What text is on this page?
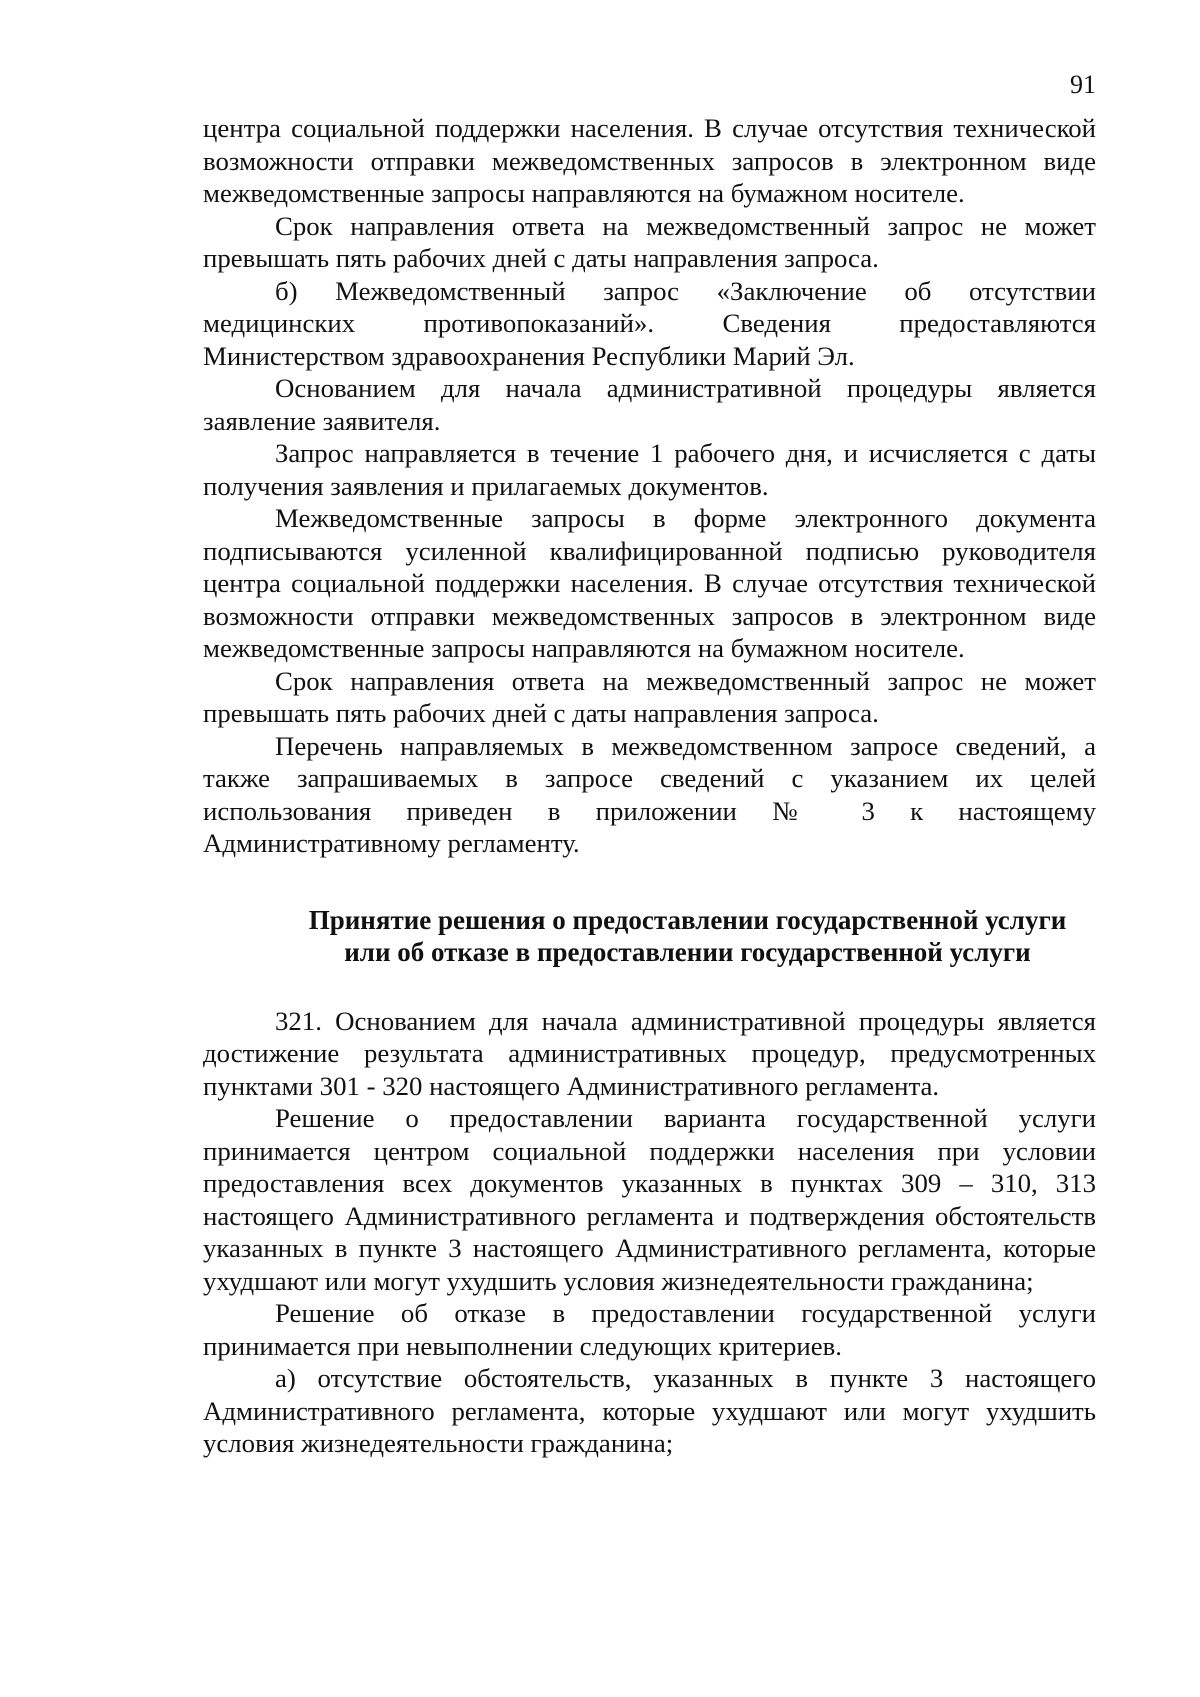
91

центра социальной поддержки населения. В случае отсутствия технической возможности отправки межведомственных запросов в электронном виде межведомственные запросы направляются на бумажном носителе.

Срок направления ответа на межведомственный запрос не может превышать пять рабочих дней с даты направления запроса.

б) Межведомственный запрос «Заключение об отсутствии медицинских противопоказаний». Сведения предоставляются Министерством здравоохранения Республики Марий Эл.

Основанием для начала административной процедуры является заявление заявителя.

Запрос направляется в течение 1 рабочего дня, и исчисляется с даты получения заявления и прилагаемых документов.

Межведомственные запросы в форме электронного документа подписываются усиленной квалифицированной подписью руководителя центра социальной поддержки населения. В случае отсутствия технической возможности отправки межведомственных запросов в электронном виде межведомственные запросы направляются на бумажном носителе.

Срок направления ответа на межведомственный запрос не может превышать пять рабочих дней с даты направления запроса.

Перечень направляемых в межведомственном запросе сведений, а также запрашиваемых в запросе сведений с указанием их целей использования приведен в приложении № 3 к настоящему Административному регламенту.

Принятие решения о предоставлении государственной услуги
или об отказе в предоставлении государственной услуги

321. Основанием для начала административной процедуры является достижение результата административных процедур, предусмотренных пунктами 301 - 320 настоящего Административного регламента.

Решение о предоставлении варианта государственной услуги принимается центром социальной поддержки населения при условии предоставления всех документов указанных в пунктах 309 – 310, 313 настоящего Административного регламента и подтверждения обстоятельств указанных в пункте 3 настоящего Административного регламента, которые ухудшают или могут ухудшить условия жизнедеятельности гражданина;

Решение об отказе в предоставлении государственной услуги принимается при невыполнении следующих критериев.

а) отсутствие обстоятельств, указанных в пункте 3 настоящего Административного регламента, которые ухудшают или могут ухудшить условия жизнедеятельности гражданина;
